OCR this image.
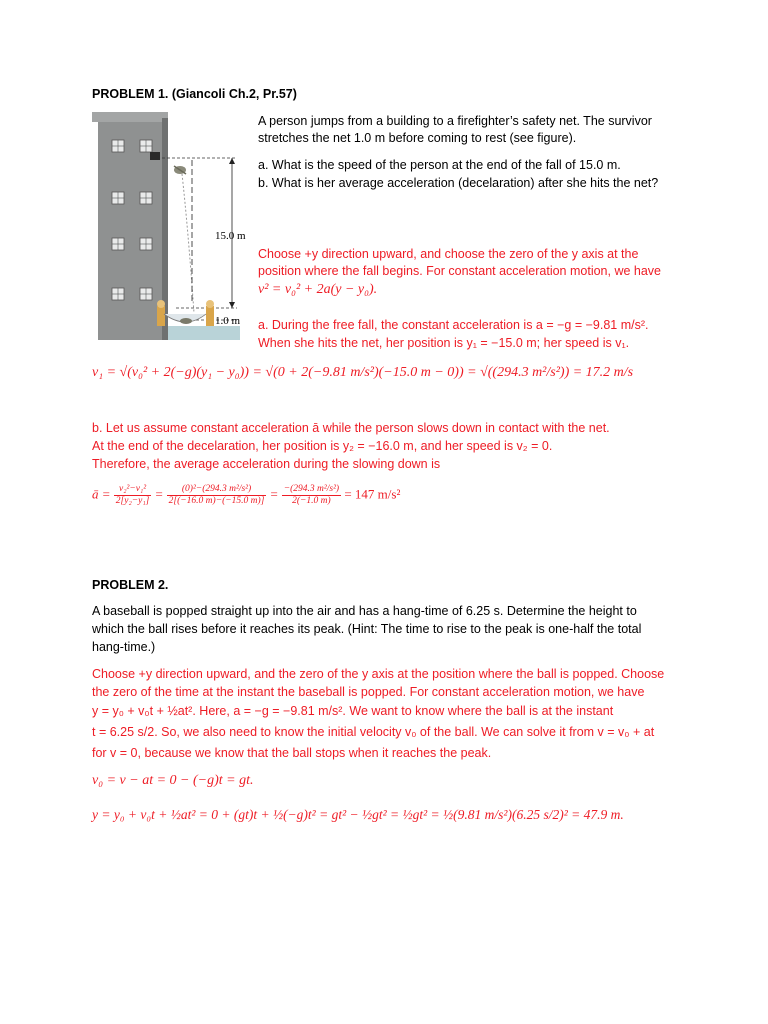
PROBLEM 1. (Giancoli Ch.2, Pr.57)
15.0 m
1.0 m
A person jumps from a building to a firefighter’s safety net. The survivor
stretches the net 1.0 m before coming to rest (see figure).
a. What is the speed of the person at the end of the fall of 15.0 m.
b. What is her average acceleration (decelaration) after she hits the net?
Choose +y direction upward, and choose the zero of the y axis at the
position where the fall begins. For constant acceleration motion, we have
v² = v₀² + 2a(y − y₀).
a. During the free fall, the constant acceleration is a = −g = −9.81 m/s².
When she hits the net, her position is y₁ = −15.0 m; her speed is v₁.
v₁ = √(v₀² + 2(−g)(y₁ − y₀)) = √(0 + 2(−9.81 m/s²)(−15.0 m − 0)) = √((294.3 m²/s²)) = 17.2 m/s
b. Let us assume constant acceleration ā while the person slows down in contact with the net.
At the end of the decelaration, her position is y₂ = −16.0 m, and her speed is v₂ = 0.
Therefore, the average acceleration during the slowing down is
ā = $\frac{\text{v₂²−v₁²}}{\text{2[y₂−y₁]}} = \frac{\text{(0)²−(294.3 m²/s²)}}{2[(-16.0 m)-(-15.0 m)]} = \frac{\text{−(294.3 m²/s²)}}{2(-1.0 m)} = 147$ m/s²
PROBLEM 2.
A baseball is popped straight up into the air and has a hang-time of 6.25 s. Determine the height to
which the ball rises before it reaches its peak. (Hint: The time to rise to the peak is one-half the total
hang-time.)
Choose +y direction upward, and the zero of the y axis at the position where the ball is popped. Choose
the zero of the time at the instant the baseball is popped. For constant acceleration motion, we have
y = y₀ + v₀t + ½at². Here, a = −g = −9.81 m/s². We want to know where the ball is at the instant
t = 6.25 s/2. So, we also need to know the initial velocity v₀ of the ball. We can solve it from v = v₀ + at
for v = 0, because we know that the ball stops when it reaches the peak.
v₀ = v − at = 0 − (−g)t = gt.
y = y₀ + v₀t + ½at² = 0 + (gt)t + ½(−g)t² = gt² − ½gt² = ½gt² = ½(9.81 m/s²)(6.25 s/2)² = 47.9 m.
